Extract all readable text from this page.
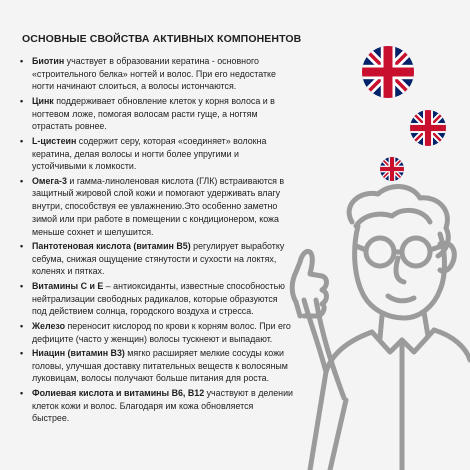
ОСНОВНЫЕ СВОЙСТВА АКТИВНЫХ КОМПОНЕНТОВ
• Биотин участвует в образовании кератина - основного «строительного белка» ногтей и волос. При его недостатке ногти начинают слоиться, а волосы истончаются.
• Цинк поддерживает обновление клеток у корня волоса и в ногтевом ложе, помогая волосам расти гуще, а ногтям отрастать ровнее.
• L-цистеин содержит серу, которая «соединяет» волокна кератина, делая волосы и ногти более упругими и устойчивыми к ломкости.
• Омега-3 и гамма-линоленовая кислота (ГЛК) встраиваются в защитный жировой слой кожи и помогают удерживать влагу внутри, способствуя ее увлажнению.Это особенно заметно зимой или при работе в помещении с кондиционером, кожа меньше сохнет и шелушится.
• Пантотеновая кислота (витамин B5) регулирует выработку себума, снижая ощущение стянутости и сухости на локтях, коленях и пятках.
• Витамины С и Е – антиоксиданты, известные способностью нейтрализации свободных радикалов, которые образуются под действием солнца, городского воздуха и стресса.
• Железо переносит кислород по крови к корням волос. При его дефиците (часто у женщин) волосы тускнеют и выпадают.
• Ниацин (витамин B3) мягко расширяет мелкие сосуды кожи головы, улучшая доставку питательных веществ к волосяным луковицам, волосы получают больше питания для роста.
• Фолиевая кислота и витамины B6, B12 участвуют в делении клеток кожи и волос. Благодаря им кожа обновляется быстрее.
